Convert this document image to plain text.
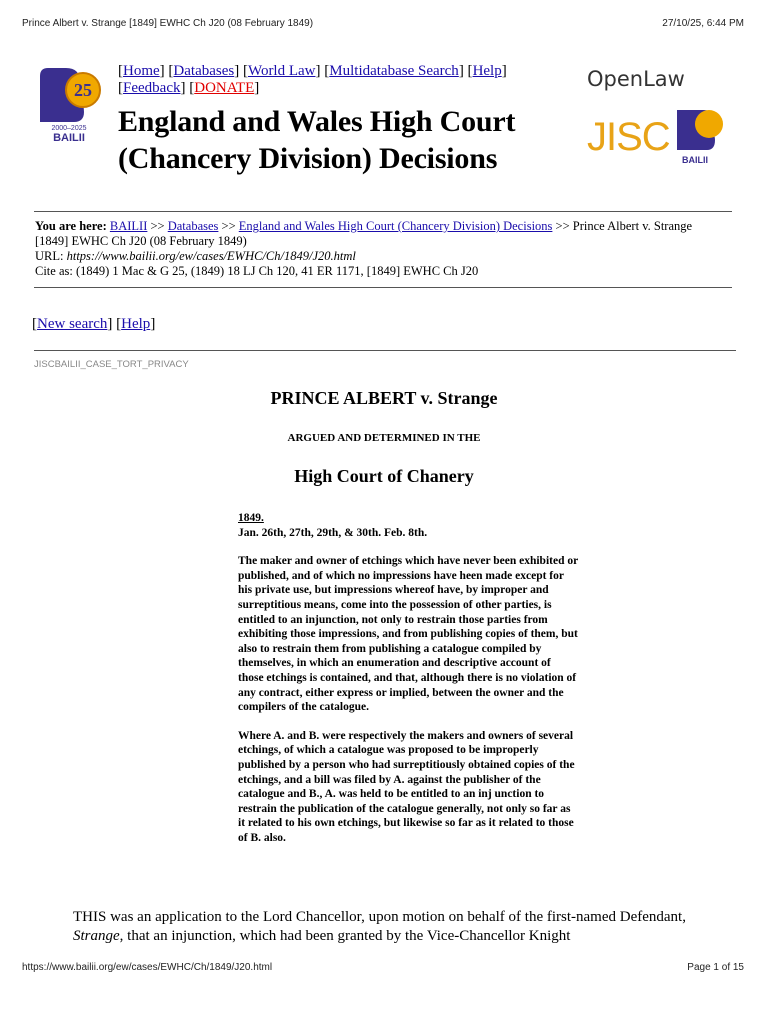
Prince Albert v. Strange [1849] EWHC Ch J20 (08 February 1849)	27/10/25, 6:44 PM
25
2000–2025
BAILII
[Home] [Databases] [World Law] [Multidatabase Search] [Help]
[Feedback] [DONATE]
England and Wales High Court
(Chancery Division) Decisions
OpenLaw
JISC
BAILII
You are here: BAILII >> Databases >> England and Wales High Court (Chancery Division) Decisions >> Prince Albert v. Strange [1849] EWHC Ch J20 (08 February 1849)
URL: https://www.bailii.org/ew/cases/EWHC/Ch/1849/J20.html
Cite as: (1849) 1 Mac & G 25, (1849) 18 LJ Ch 120, 41 ER 1171, [1849] EWHC Ch J20
[New search] [Help]
JISCBAILII_CASE_TORT_PRIVACY
PRINCE ALBERT v. Strange
ARGUED AND DETERMINED IN THE
High Court of Chanery

1849.
Jan. 26th, 27th, 29th, & 30th. Feb. 8th.

The maker and owner of etchings which have never been exhibited or published, and of which no impressions have heen made except for his private use, but impressions whereof have, by improper and surreptitious means, come into the possession of other parties, is entitled to an injunction, not only to restrain those parties from exhibiting those impressions, and from publishing copies of them, but also to restrain them from publishing a catalogue compiled by themselves, in which an enumeration and descriptive account of those etchings is contained, and that, although there is no violation of any contract, either express or implied, between the owner and the compilers of the catalogue.

Where A. and B. were respectively the makers and owners of several etchings, of which a catalogue was proposed to be improperly published by a person who had surreptitiously obtained copies of the etchings, and a bill was filed by A. against the publisher of the catalogue and B., A. was held to be entitled to an inj unction to restrain the publication of the catalogue generally, not only so far as it related to his own etchings, but likewise so far as it related to those of B. also.

THIS was an application to the Lord Chancellor, upon motion on behalf of the first-named Defendant, Strange, that an injunction, which had been granted by the Vice-Chancellor Knight
https://www.bailii.org/ew/cases/EWHC/Ch/1849/J20.html	Page 1 of 15
